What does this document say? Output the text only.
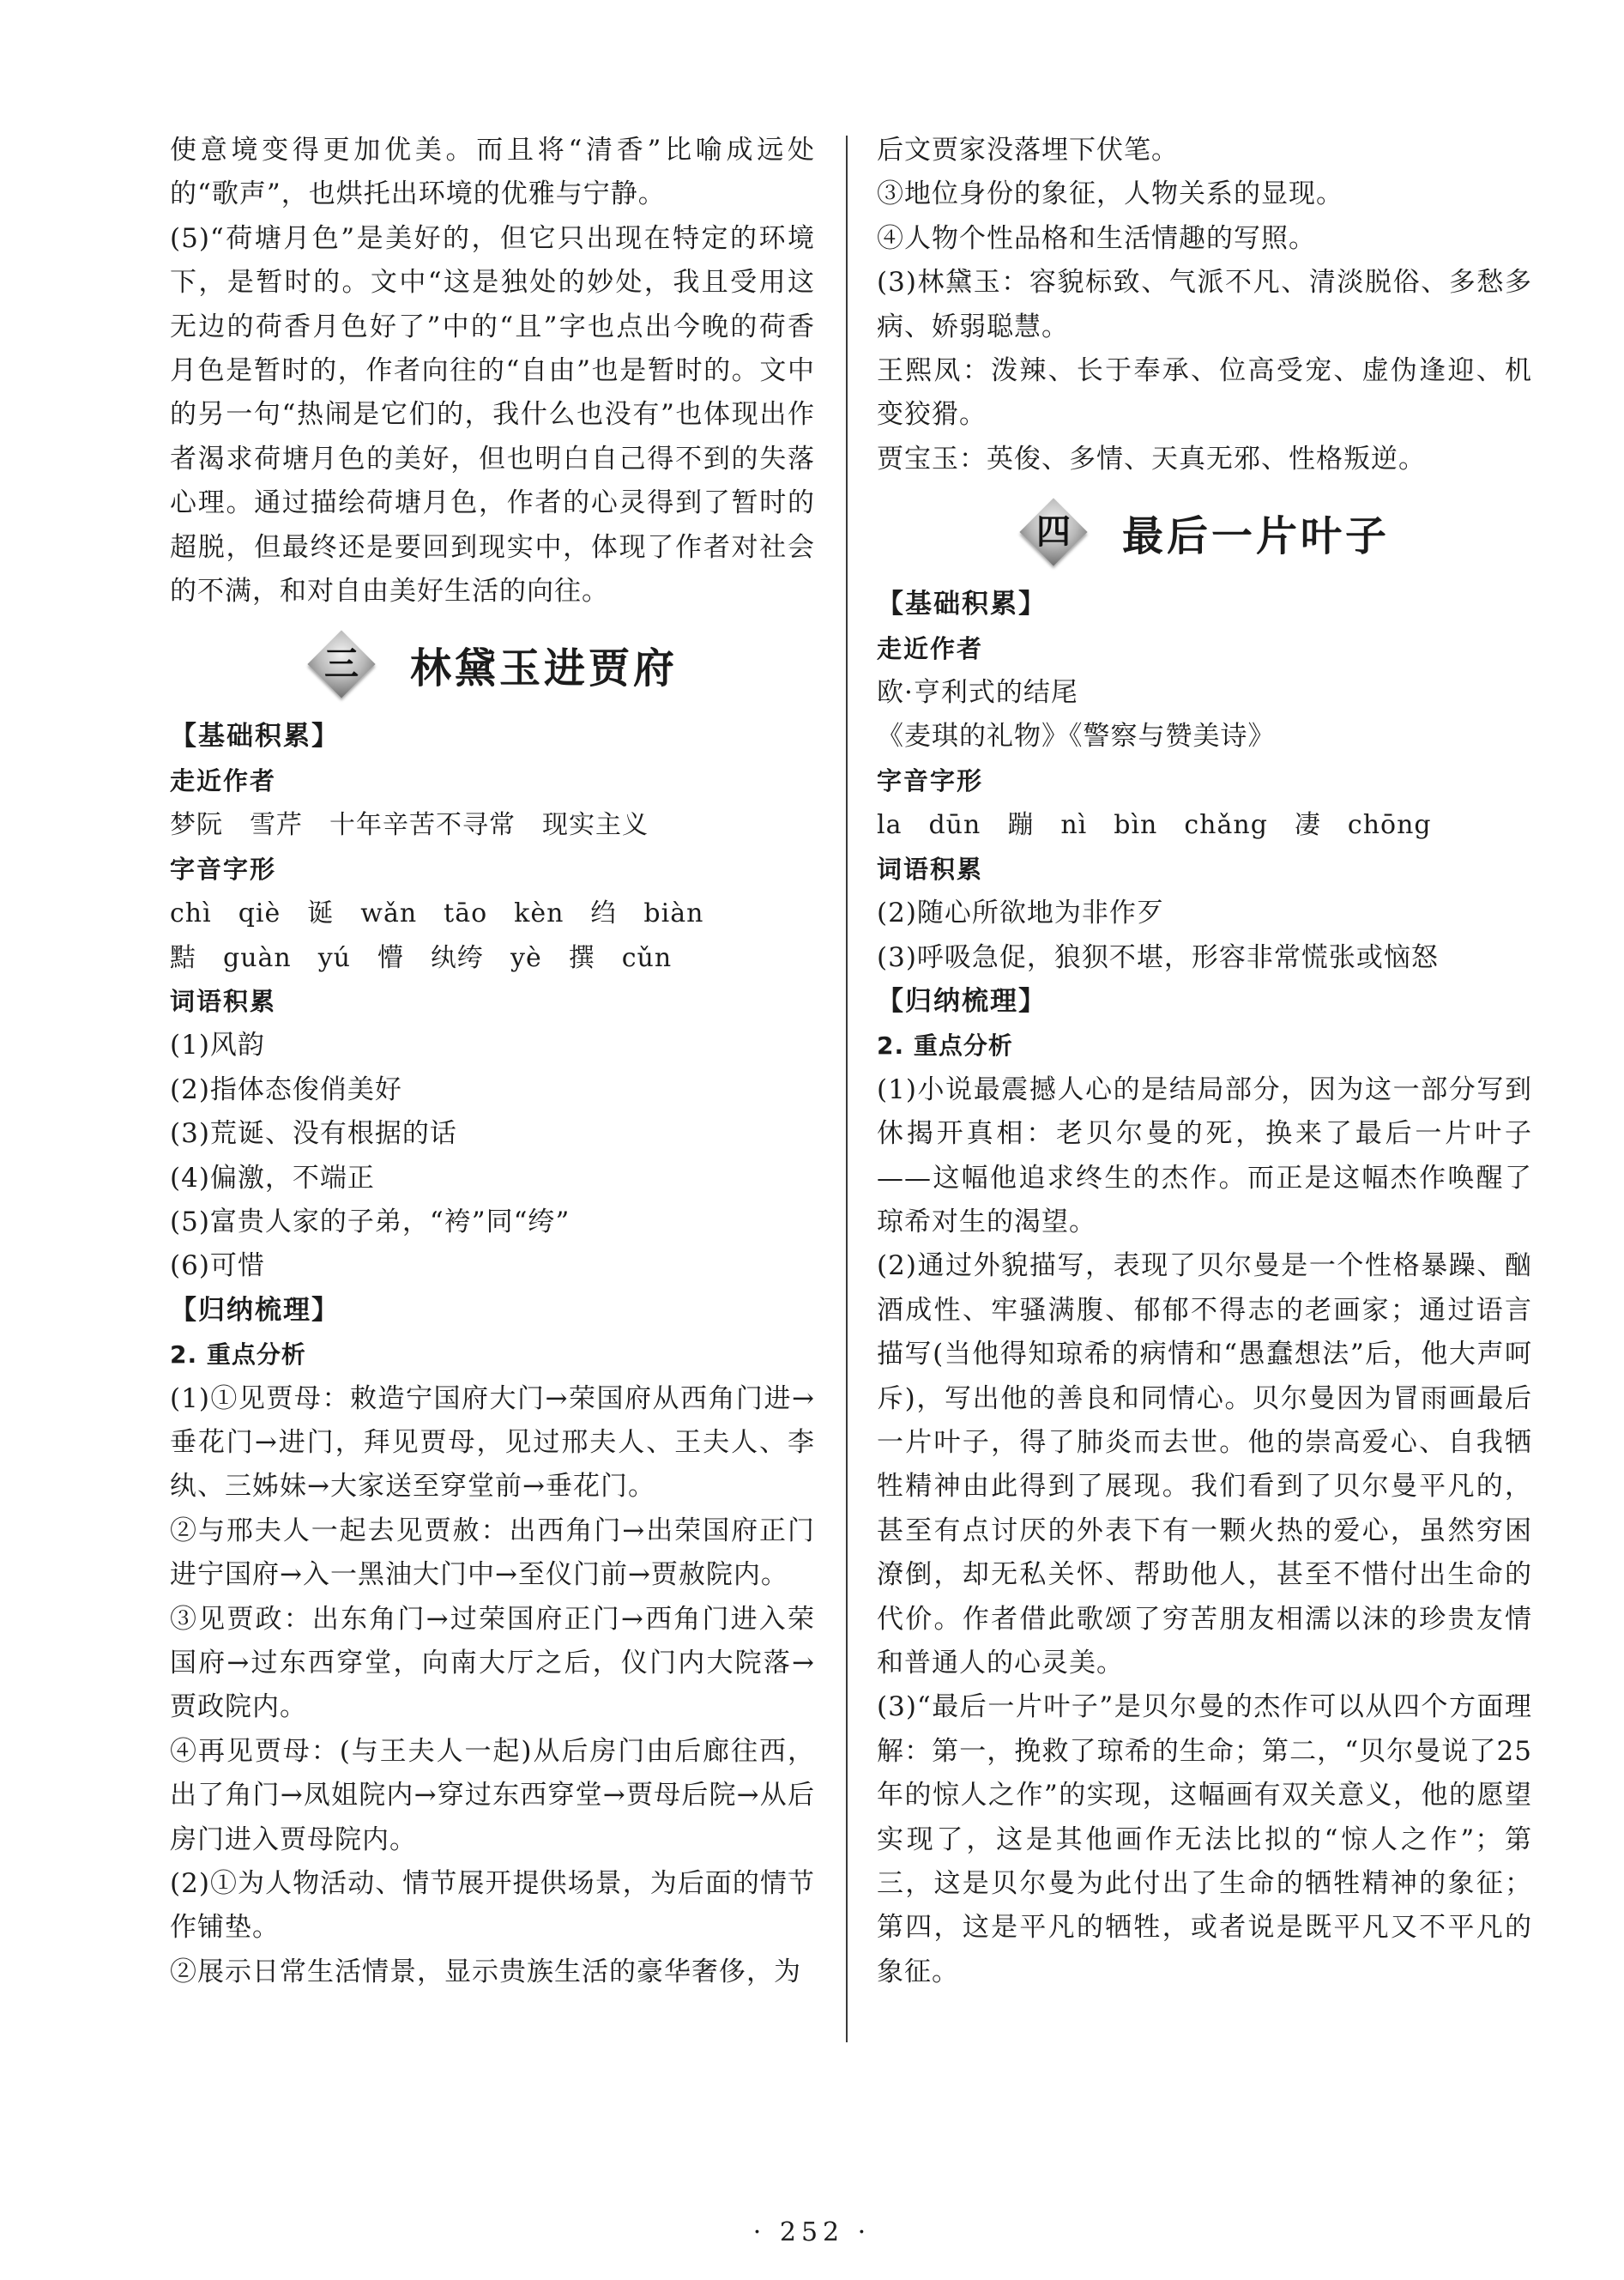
使意境变得更加优美。而且将“清香”比喻成远处的“歌声”，也烘托出环境的优雅与宁静。

(5)“荷塘月色”是美好的，但它只出现在特定的环境下，是暂时的。文中“这是独处的妙处，我且受用这无边的荷香月色好了”中的“且”字也点出今晚的荷香月色是暂时的，作者向往的“自由”也是暂时的。文中的另一句“热闹是它们的，我什么也没有”也体现出作者渴求荷塘月色的美好，但也明白自己得不到的失落心理。通过描绘荷塘月色，作者的心灵得到了暂时的超脱，但最终还是要回到现实中，体现了作者对社会的不满，和对自由美好生活的向往。

三	林黛玉进贾府

【基础积累】

走近作者

梦阮　雪芹　十年辛苦不寻常　现实主义

字音字形

chì　qiè　诞　wǎn　tāo　kèn　绉　biàn

黠　guàn　yú　懵　纨绔　yè　撰　cǔn

词语积累

(1)风韵

(2)指体态俊俏美好

(3)荒诞、没有根据的话

(4)偏激，不端正

(5)富贵人家的子弟，“袴”同“绔”

(6)可惜

【归纳梳理】

2. 重点分析

(1)①见贾母：敕造宁国府大门→荣国府从西角门进→垂花门→进门，拜见贾母，见过邢夫人、王夫人、李纨、三姊妹→大家送至穿堂前→垂花门。

②与邢夫人一起去见贾赦：出西角门→出荣国府正门进宁国府→入一黑油大门中→至仪门前→贾赦院内。

③见贾政：出东角门→过荣国府正门→西角门进入荣国府→过东西穿堂，向南大厅之后，仪门内大院落→贾政院内。

④再见贾母：(与王夫人一起)从后房门由后廊往西，出了角门→凤姐院内→穿过东西穿堂→贾母后院→从后房门进入贾母院内。

(2)①为人物活动、情节展开提供场景，为后面的情节作铺垫。

②展示日常生活情景，显示贵族生活的豪华奢侈，为

后文贾家没落埋下伏笔。

③地位身份的象征，人物关系的显现。

④人物个性品格和生活情趣的写照。

(3)林黛玉：容貌标致、气派不凡、清淡脱俗、多愁多病、娇弱聪慧。

王熙凤：泼辣、长于奉承、位高受宠、虚伪逢迎、机变狡猾。

贾宝玉：英俊、多情、天真无邪、性格叛逆。

四	最后一片叶子

【基础积累】

走近作者

欧·亨利式的结尾

《麦琪的礼物》《警察与赞美诗》

字音字形

la　dūn　蹦　nì　bìn　chǎng　凄　chōng

词语积累

(2)随心所欲地为非作歹

(3)呼吸急促，狼狈不堪，形容非常慌张或恼怒

【归纳梳理】

2. 重点分析

(1)小说最震撼人心的是结局部分，因为这一部分写到休揭开真相：老贝尔曼的死，换来了最后一片叶子——这幅他追求终生的杰作。而正是这幅杰作唤醒了琼希对生的渴望。

(2)通过外貌描写，表现了贝尔曼是一个性格暴躁、酗酒成性、牢骚满腹、郁郁不得志的老画家；通过语言描写(当他得知琼希的病情和“愚蠢想法”后，他大声呵斥)，写出他的善良和同情心。贝尔曼因为冒雨画最后一片叶子，得了肺炎而去世。他的崇高爱心、自我牺牲精神由此得到了展现。我们看到了贝尔曼平凡的，甚至有点讨厌的外表下有一颗火热的爱心，虽然穷困潦倒，却无私关怀、帮助他人，甚至不惜付出生命的代价。作者借此歌颂了穷苦朋友相濡以沫的珍贵友情和普通人的心灵美。

(3)“最后一片叶子”是贝尔曼的杰作可以从四个方面理解：第一，挽救了琼希的生命；第二，“贝尔曼说了25年的惊人之作”的实现，这幅画有双关意义，他的愿望实现了，这是其他画作无法比拟的“惊人之作”；第三，这是贝尔曼为此付出了生命的牺牲精神的象征；第四，这是平凡的牺牲，或者说是既平凡又不平凡的象征。

· 252 ·
